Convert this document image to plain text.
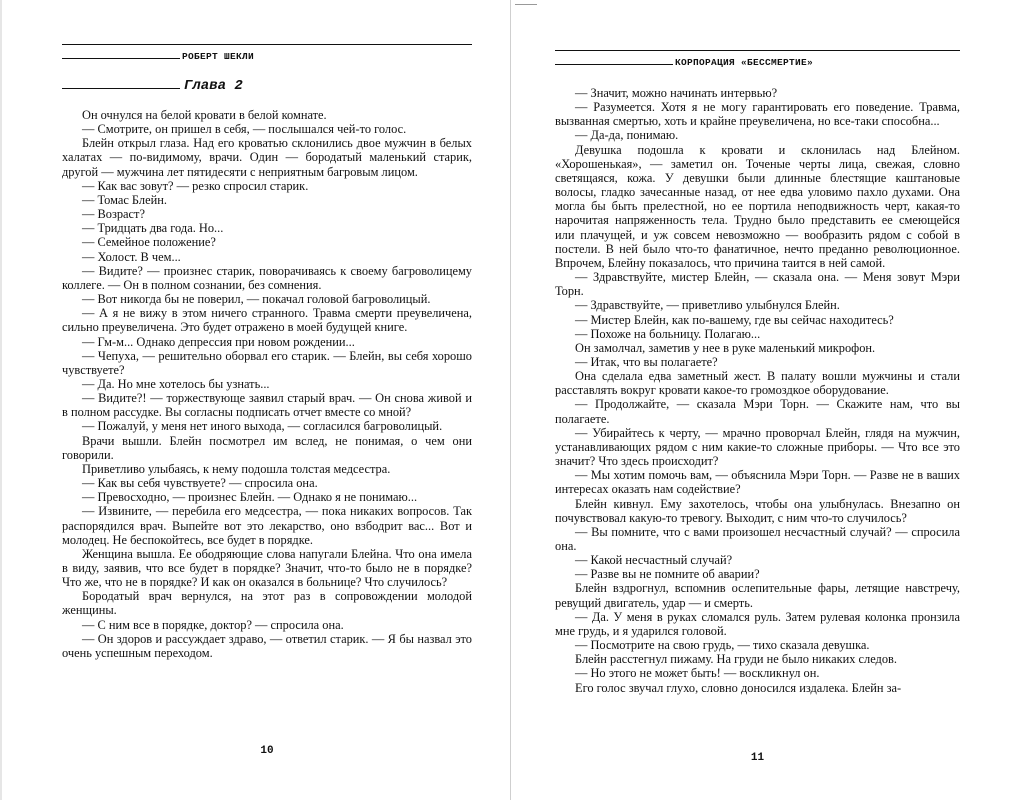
РОБЕРТ ШЕКЛИ
Глава 2

Он очнулся на белой кровати в белой комнате.

— Смотрите, он пришел в себя, — послышался чей-то голос.

Блейн открыл глаза. Над его кроватью склонились двое мужчин в белых халатах — по-видимому, врачи. Один — бородатый маленький старик, другой — мужчина лет пятидесяти с неприятным багровым лицом.

— Как вас зовут? — резко спросил старик.

— Томас Блейн.

— Возраст?

— Тридцать два года. Но...

— Семейное положение?

— Холост. В чем...

— Видите? — произнес старик, поворачиваясь к своему багроволицему коллеге. — Он в полном сознании, без сомнения.

— Вот никогда бы не поверил, — покачал головой багроволицый.

— А я не вижу в этом ничего странного. Травма смерти преувеличена, сильно преувеличена. Это будет отражено в моей будущей книге.

— Гм-м... Однако депрессия при новом рождении...

— Чепуха, — решительно оборвал его старик. — Блейн, вы себя хорошо чувствуете?

— Да. Но мне хотелось бы узнать...

— Видите?! — торжествующе заявил старый врач. — Он снова живой и в полном рассудке. Вы согласны подписать отчет вместе со мной?

— Пожалуй, у меня нет иного выхода, — согласился багроволицый.

Врачи вышли. Блейн посмотрел им вслед, не понимая, о чем они говорили.

Приветливо улыбаясь, к нему подошла толстая медсестра.

— Как вы себя чувствуете? — спросила она.

— Превосходно, — произнес Блейн. — Однако я не понимаю...

— Извините, — перебила его медсестра, — пока никаких вопросов. Так распорядился врач. Выпейте вот это лекарство, оно взбодрит вас... Вот и молодец. Не беспокойтесь, все будет в порядке.

Женщина вышла. Ее ободряющие слова напугали Блейна. Что она имела в виду, заявив, что все будет в порядке? Значит, что-то было не в порядке? Что же, что не в порядке? И как он оказался в больнице? Что случилось?

Бородатый врач вернулся, на этот раз в сопровождении молодой женщины.

— С ним все в порядке, доктор? — спросила она.

— Он здоров и рассуждает здраво, — ответил старик. — Я бы назвал это очень успешным переходом.

10
КОРПОРАЦИЯ «БЕССМЕРТИЕ»

— Значит, можно начинать интервью?

— Разумеется. Хотя я не могу гарантировать его поведение. Травма, вызванная смертью, хоть и крайне преувеличена, но все-таки способна...

— Да-да, понимаю.

Девушка подошла к кровати и склонилась над Блейном. «Хорошенькая», — заметил он. Точеные черты лица, свежая, словно светящаяся, кожа. У девушки были длинные блестящие каштановые волосы, гладко зачесанные назад, от нее едва уловимо пахло духами. Она могла бы быть прелестной, но ее портила неподвижность черт, какая-то нарочитая напряженность тела. Трудно было представить ее смеющейся или плачущей, и уж совсем невозможно — вообразить рядом с собой в постели. В ней было что-то фанатичное, нечто преданно революционное. Впрочем, Блейну показалось, что причина таится в ней самой.

— Здравствуйте, мистер Блейн, — сказала она. — Меня зовут Мэри Торн.

— Здравствуйте, — приветливо улыбнулся Блейн.

— Мистер Блейн, как по-вашему, где вы сейчас находитесь?

— Похоже на больницу. Полагаю...

Он замолчал, заметив у нее в руке маленький микрофон.

— Итак, что вы полагаете?

Она сделала едва заметный жест. В палату вошли мужчины и стали расставлять вокруг кровати какое-то громоздкое оборудование.

— Продолжайте, — сказала Мэри Торн. — Скажите нам, что вы полагаете.

— Убирайтесь к черту, — мрачно проворчал Блейн, глядя на мужчин, устанавливающих рядом с ним какие-то сложные приборы. — Что все это значит? Что здесь происходит?

— Мы хотим помочь вам, — объяснила Мэри Торн. — Разве не в ваших интересах оказать нам содействие?

Блейн кивнул. Ему захотелось, чтобы она улыбнулась. Внезапно он почувствовал какую-то тревогу. Выходит, с ним что-то случилось?

— Вы помните, что с вами произошел несчастный случай? — спросила она.

— Какой несчастный случай?

— Разве вы не помните об аварии?

Блейн вздрогнул, вспомнив ослепительные фары, летящие навстречу, ревущий двигатель, удар — и смерть.

— Да. У меня в руках сломался руль. Затем рулевая колонка пронзила мне грудь, и я ударился головой.

— Посмотрите на свою грудь, — тихо сказала девушка.

Блейн расстегнул пижаму. На груди не было никаких следов.

— Но этого не может быть! — воскликнул он.

Его голос звучал глухо, словно доносился издалека. Блейн за-

11
